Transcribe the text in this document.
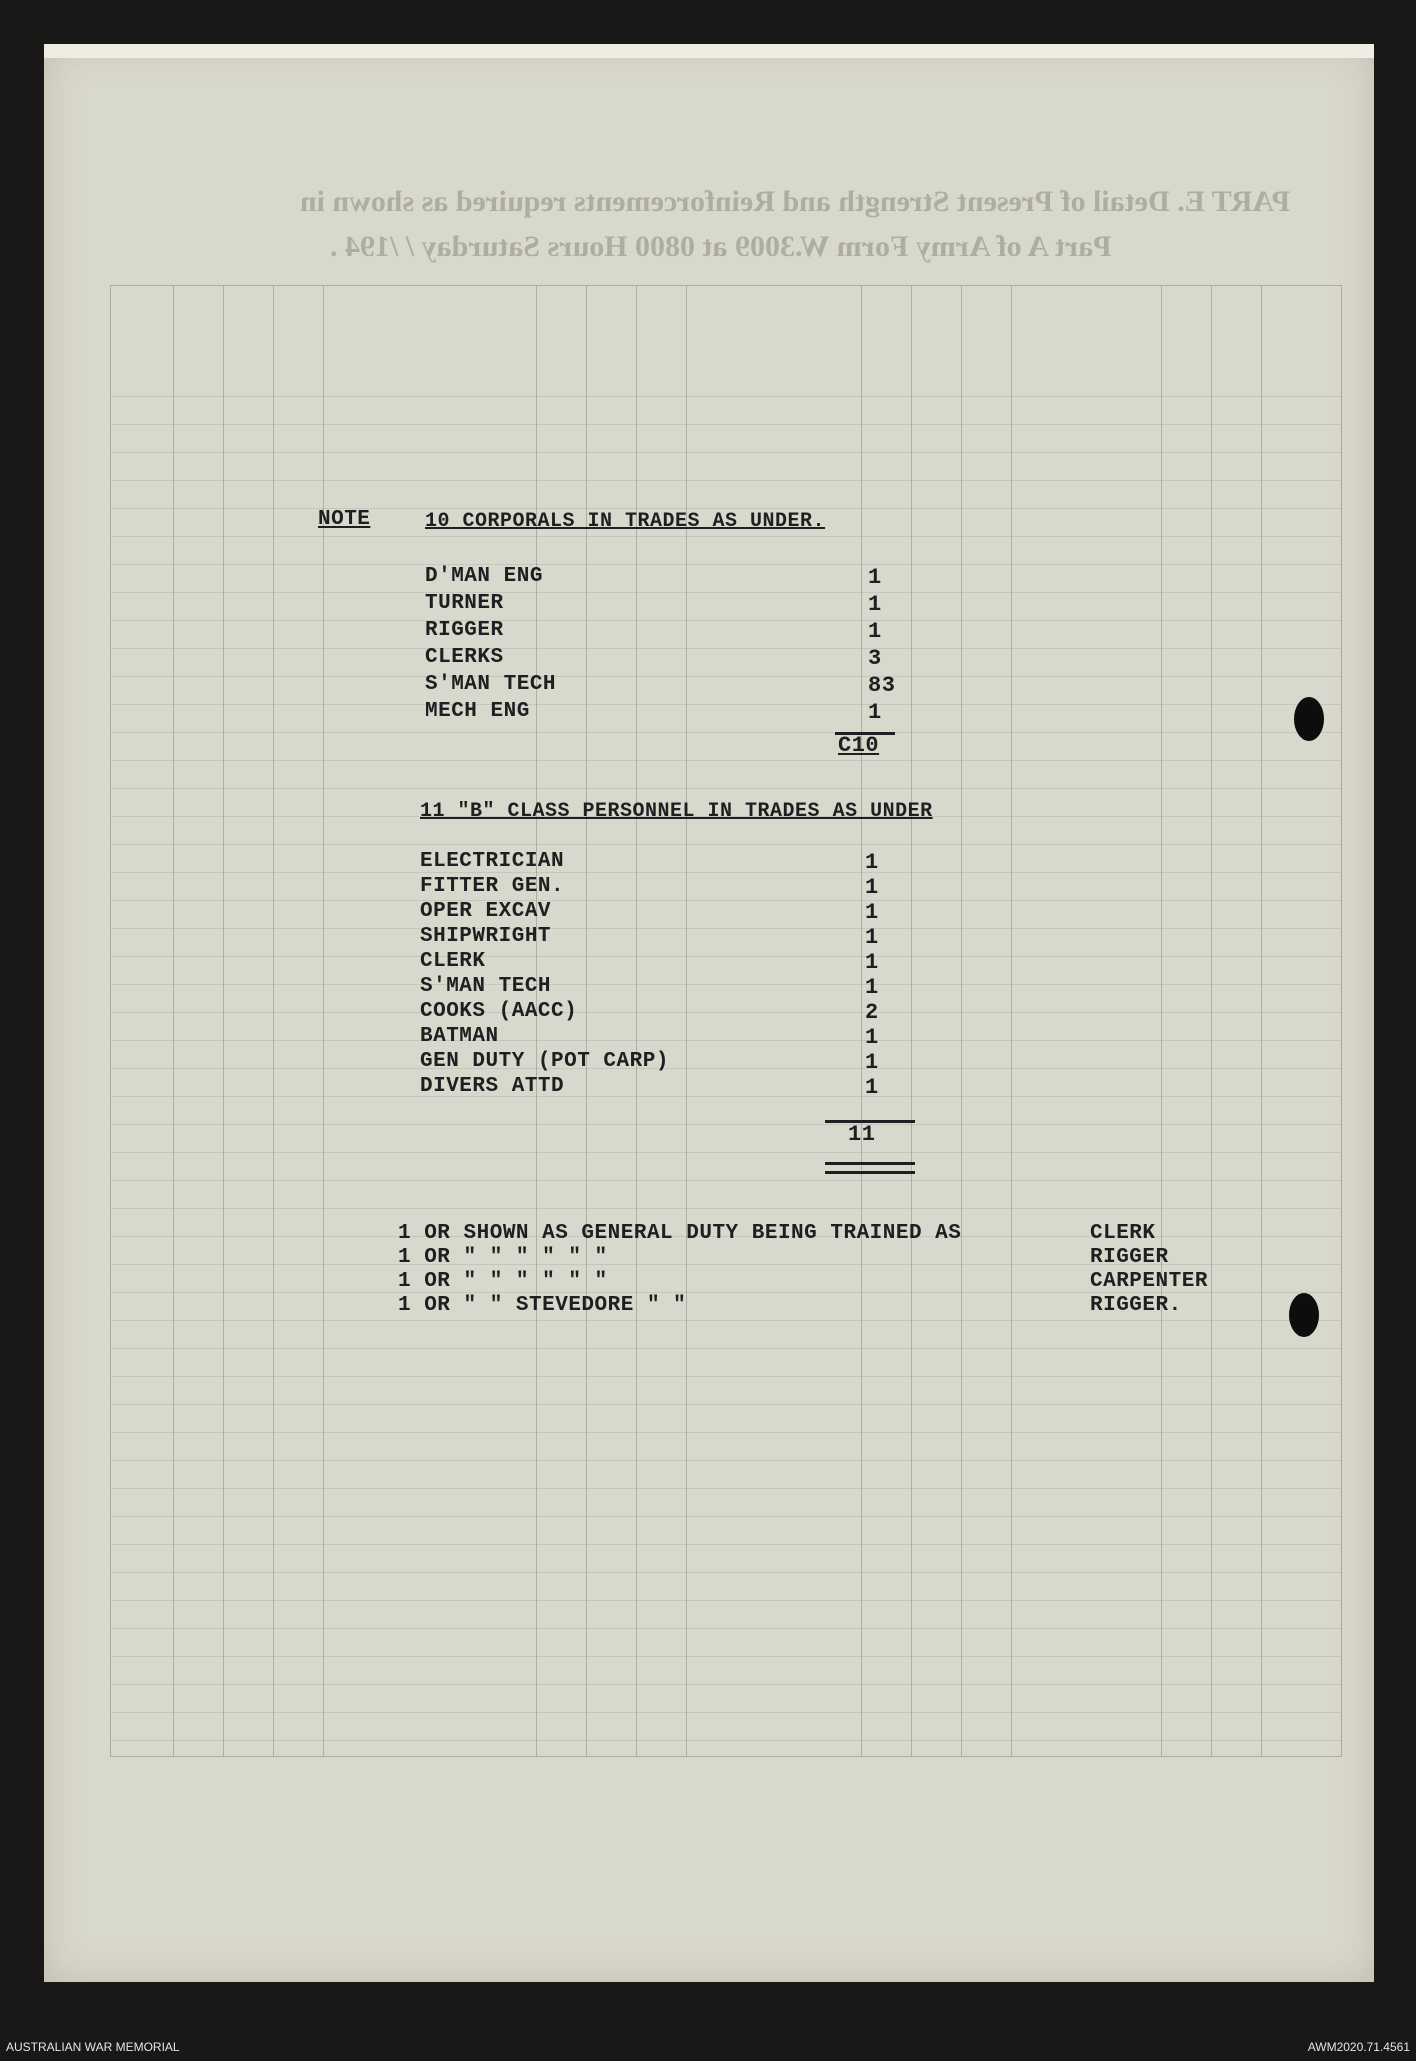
PART E. Detail of Present Strength and Reinforcements required as shown in
Part A of Army Form W.3009 at 0800 Hours Saturday / /194 .
NOTE	10 CORPORALS IN TRADES AS UNDER.
D'MAN ENG	1
TURNER	1
RIGGER	1
CLERKS	3
S'MAN TECH	83
MECH ENG	1
C10
11 "B" CLASS PERSONNEL IN TRADES AS UNDER
ELECTRICIAN	1
FITTER GEN.	1
OPER EXCAV	1
SHIPWRIGHT	1
CLERK	1
S'MAN TECH	1
COOKS (AACC)	2
BATMAN	1
GEN DUTY (POT CARP)	1
DIVERS ATTD	1
11
1 OR SHOWN AS GENERAL DUTY BEING TRAINED AS	CLERK
1 OR " " " " " "	RIGGER
1 OR " " " " " "	CARPENTER
1 OR " " STEVEDORE " "	RIGGER.
AUSTRALIAN WAR MEMORIAL	AWM2020.71.4561
